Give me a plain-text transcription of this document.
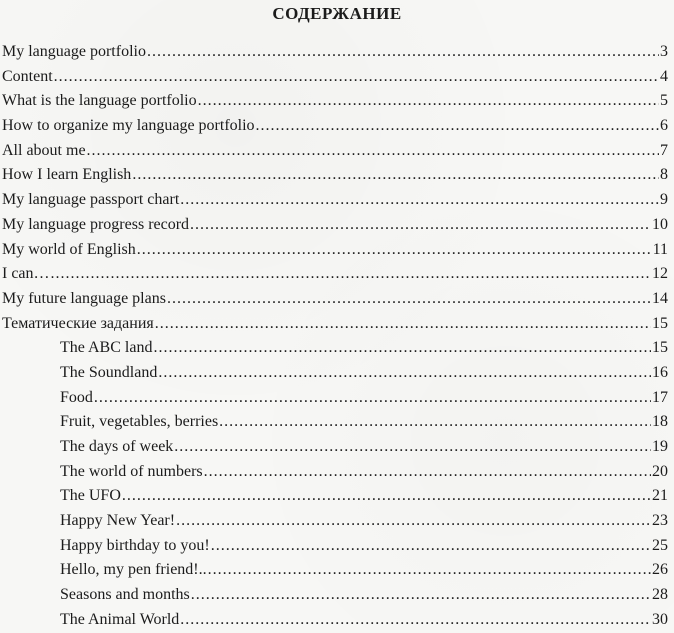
СОДЕРЖАНИЕ
My language portfolio .....	3
Content .....	4
What is the language portfolio .....	5
How to organize my language portfolio .....	6
All about me .....	7
How I learn English .....	8
My language passport chart .....	9
My language progress record .....	10
My world of English .....	11
I can… .....	12
My future language plans .....	14
Тематические задания .....	15
The ABC land .....	15
The Soundland .....	16
Food .....	17
Fruit, vegetables, berries .....	18
The days of week .....	19
The world of numbers .....	20
The UFO .....	21
Happy New Year! .....	23
Happy birthday to you! .....	25
Hello, my pen friend!.. .....	26
Seasons and months .....	28
The Animal World .....	30
